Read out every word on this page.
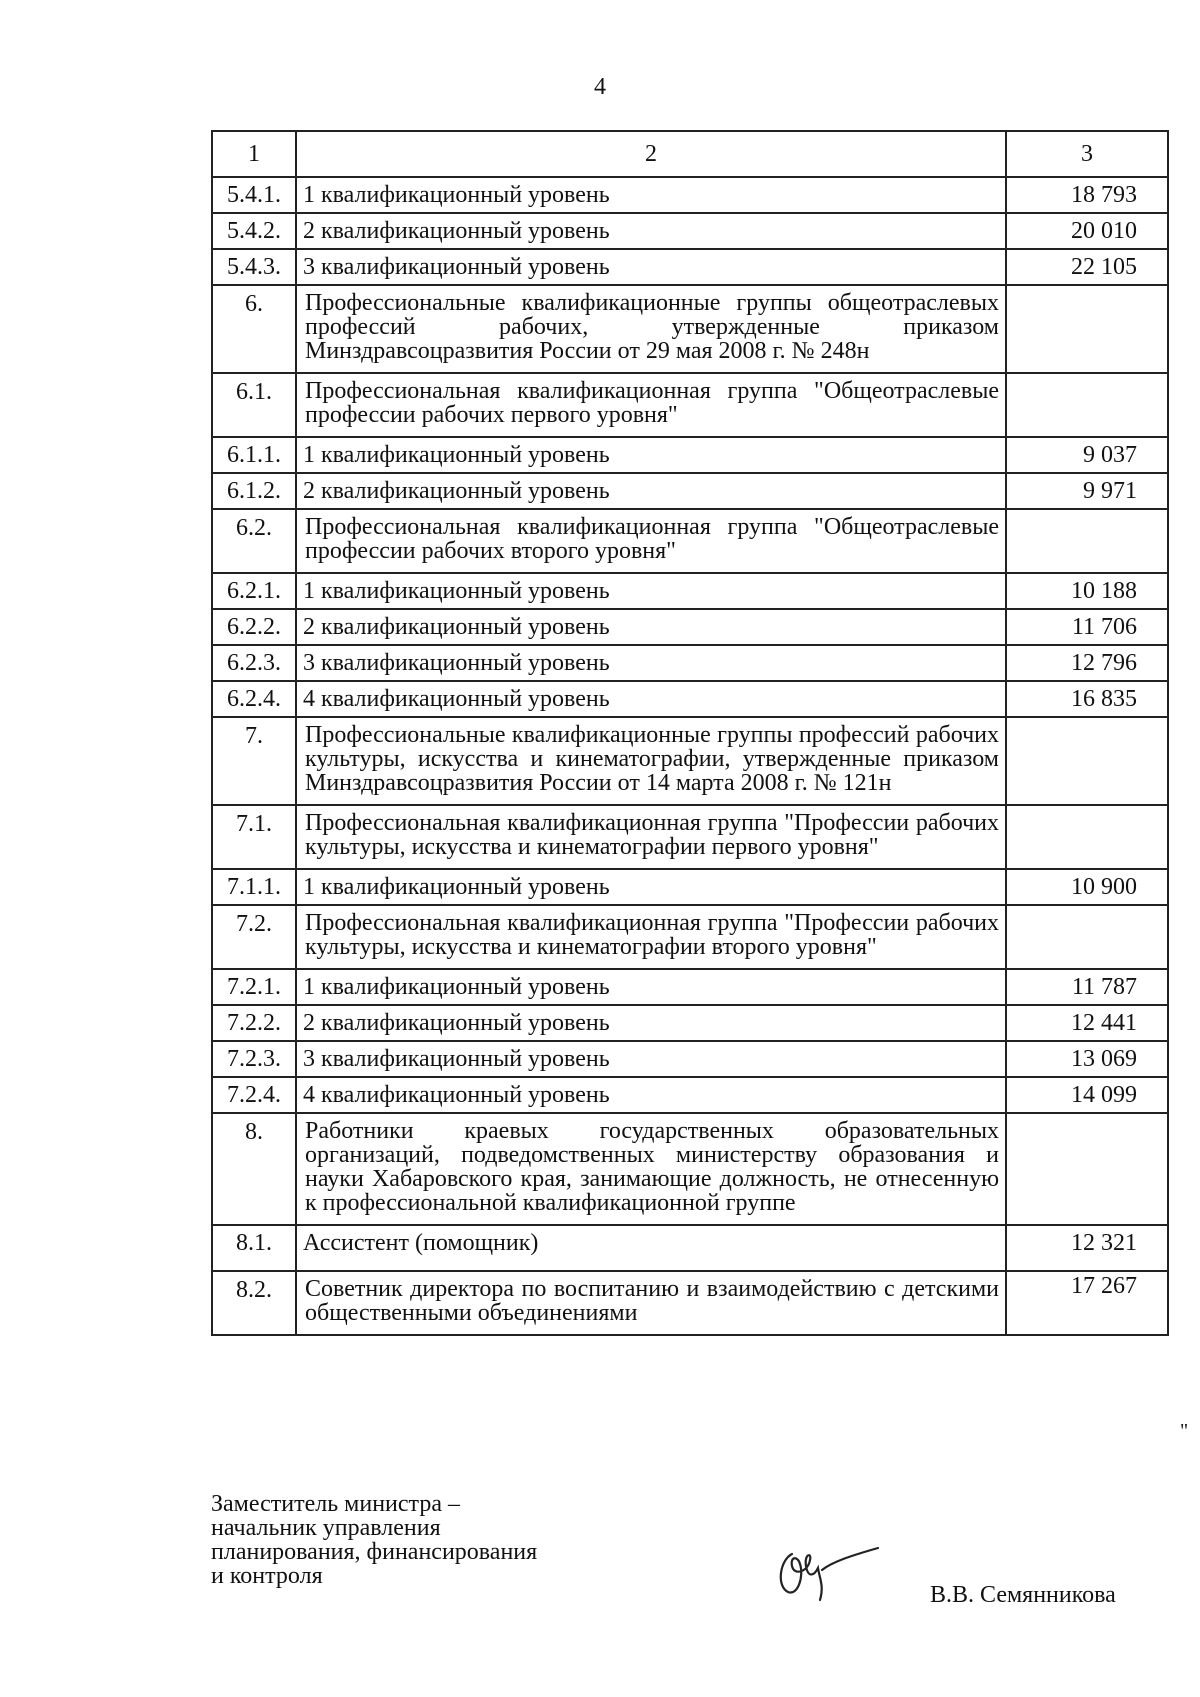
4
1	2	3
5.4.1.	1 квалификационный уровень	18 793
5.4.2.	2 квалификационный уровень	20 010
5.4.3.	3 квалификационный уровень	22 105
6.	Профессиональные квалификационные группы общеотраслевых профессий рабочих, утвержденные приказом Минздравсоцразвития России от 29 мая 2008 г. № 248н	
6.1.	Профессиональная квалификационная группа "Общеотраслевые профессии рабочих первого уровня"	
6.1.1.	1 квалификационный уровень	9 037
6.1.2.	2 квалификационный уровень	9 971
6.2.	Профессиональная квалификационная группа "Общеотраслевые профессии рабочих второго уровня"	
6.2.1.	1 квалификационный уровень	10 188
6.2.2.	2 квалификационный уровень	11 706
6.2.3.	3 квалификационный уровень	12 796
6.2.4.	4 квалификационный уровень	16 835
7.	Профессиональные квалификационные группы профессий рабочих культуры, искусства и кинематографии, утвержденные приказом Минздравсоцразвития России от 14 марта 2008 г. № 121н	
7.1.	Профессиональная квалификационная группа "Профессии рабочих культуры, искусства и кинематографии первого уровня"	
7.1.1.	1 квалификационный уровень	10 900
7.2.	Профессиональная квалификационная группа "Профессии рабочих культуры, искусства и кинематографии второго уровня"	
7.2.1.	1 квалификационный уровень	11 787
7.2.2.	2 квалификационный уровень	12 441
7.2.3.	3 квалификационный уровень	13 069
7.2.4.	4 квалификационный уровень	14 099
8.	Работники краевых государственных образовательных организаций, подведомственных министерству образования и науки Хабаровского края, занимающие должность, не отнесенную к профессиональной квалификационной группе	
8.1.	Ассистент (помощник)	12 321
8.2.	Советник директора по воспитанию и взаимодействию с детскими общественными объединениями	17 267
"
Заместитель министра –
начальник управления
планирования, финансирования
и контроля
В.В. Семянникова
